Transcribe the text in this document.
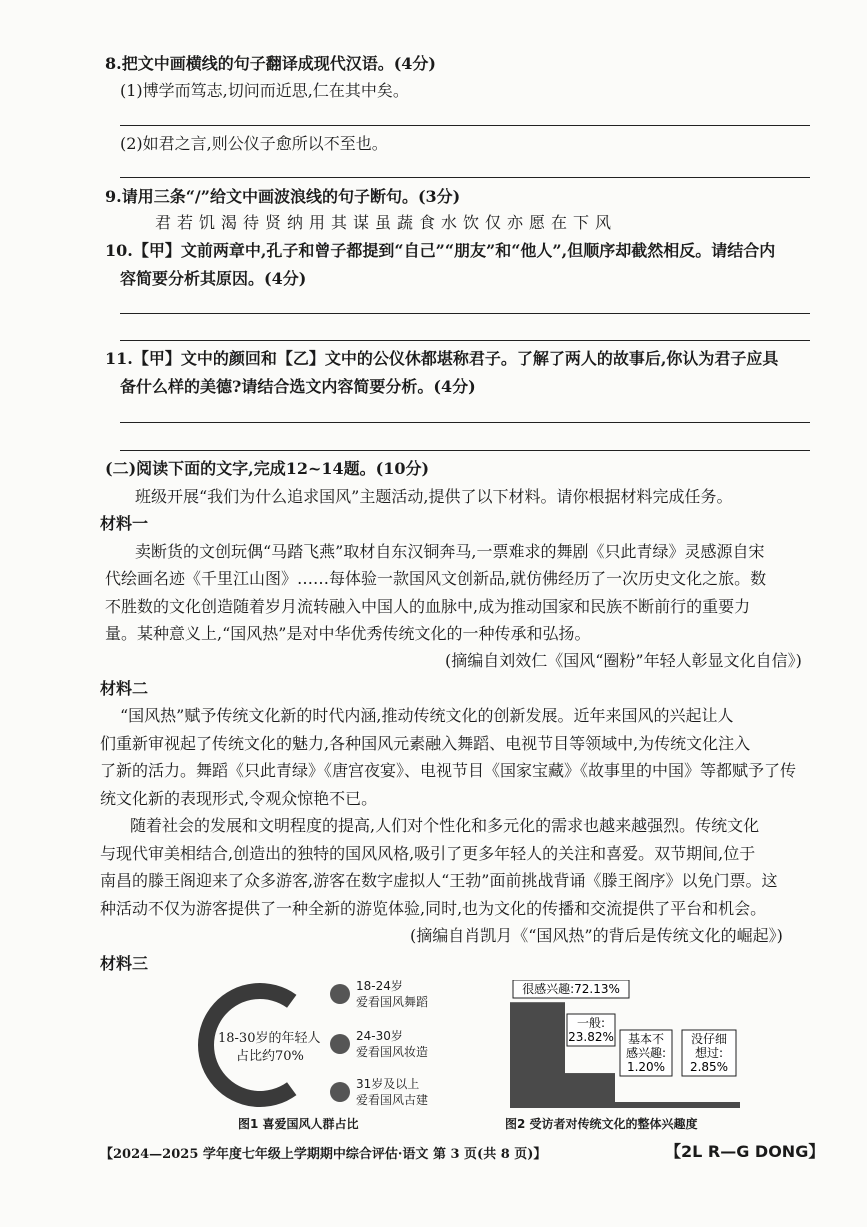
8.把文中画横线的句子翻译成现代汉语。(4分)
(1)博学而笃志,切问而近思,仁在其中矣。
(2)如君之言,则公仪子愈所以不至也。
9.请用三条“/”给文中画波浪线的句子断句。(3分)
君若饥渴待贤纳用其谋虽蔬食水饮仅亦愿在下风
10.【甲】文前两章中,孔子和曾子都提到“自己”“朋友”和“他人”,但顺序却截然相反。请结合内
容简要分析其原因。(4分)
11.【甲】文中的颜回和【乙】文中的公仪休都堪称君子。了解了两人的故事后,你认为君子应具
备什么样的美德?请结合选文内容简要分析。(4分)
(二)阅读下面的文字,完成12~14题。(10分)
班级开展“我们为什么追求国风”主题活动,提供了以下材料。请你根据材料完成任务。
材料一
卖断货的文创玩偶“马踏飞燕”取材自东汉铜奔马,一票难求的舞剧《只此青绿》灵感源自宋
代绘画名迹《千里江山图》……每体验一款国风文创新品,就仿佛经历了一次历史文化之旅。数
不胜数的文化创造随着岁月流转融入中国人的血脉中,成为推动国家和民族不断前行的重要力
量。某种意义上,“国风热”是对中华优秀传统文化的一种传承和弘扬。
(摘编自刘效仁《国风“圈粉”年轻人彰显文化自信》)
材料二
“国风热”赋予传统文化新的时代内涵,推动传统文化的创新发展。近年来国风的兴起让人
们重新审视起了传统文化的魅力,各种国风元素融入舞蹈、电视节目等领域中,为传统文化注入
了新的活力。舞蹈《只此青绿》《唐宫夜宴》、电视节目《国家宝藏》《故事里的中国》等都赋予了传
统文化新的表现形式,令观众惊艳不已。
随着社会的发展和文明程度的提高,人们对个性化和多元化的需求也越来越强烈。传统文化
与现代审美相结合,创造出的独特的国风风格,吸引了更多年轻人的关注和喜爱。双节期间,位于
南昌的滕王阁迎来了众多游客,游客在数字虚拟人“王勃”面前挑战背诵《滕王阁序》以免门票。这
种活动不仅为游客提供了一种全新的游览体验,同时,也为文化的传播和交流提供了平台和机会。
(摘编自肖凯月《“国风热”的背后是传统文化的崛起》)
材料三
18-30岁的年轻人
占比约70%
18-24岁
爱看国风舞蹈
24-30岁
爱看国风妆造
31岁及以上
爱看国风古建
图1 喜爱国风人群占比
很感兴趣:72.13%
一般:
23.82% 基本不
感兴趣:
1.20%
没仔细
想过:
2.85%
图2 受访者对传统文化的整体兴趣度
【2024—2025 学年度七年级上学期期中综合评估·语文 第 3 页(共 8 页)】	【2L R—G DONG】
